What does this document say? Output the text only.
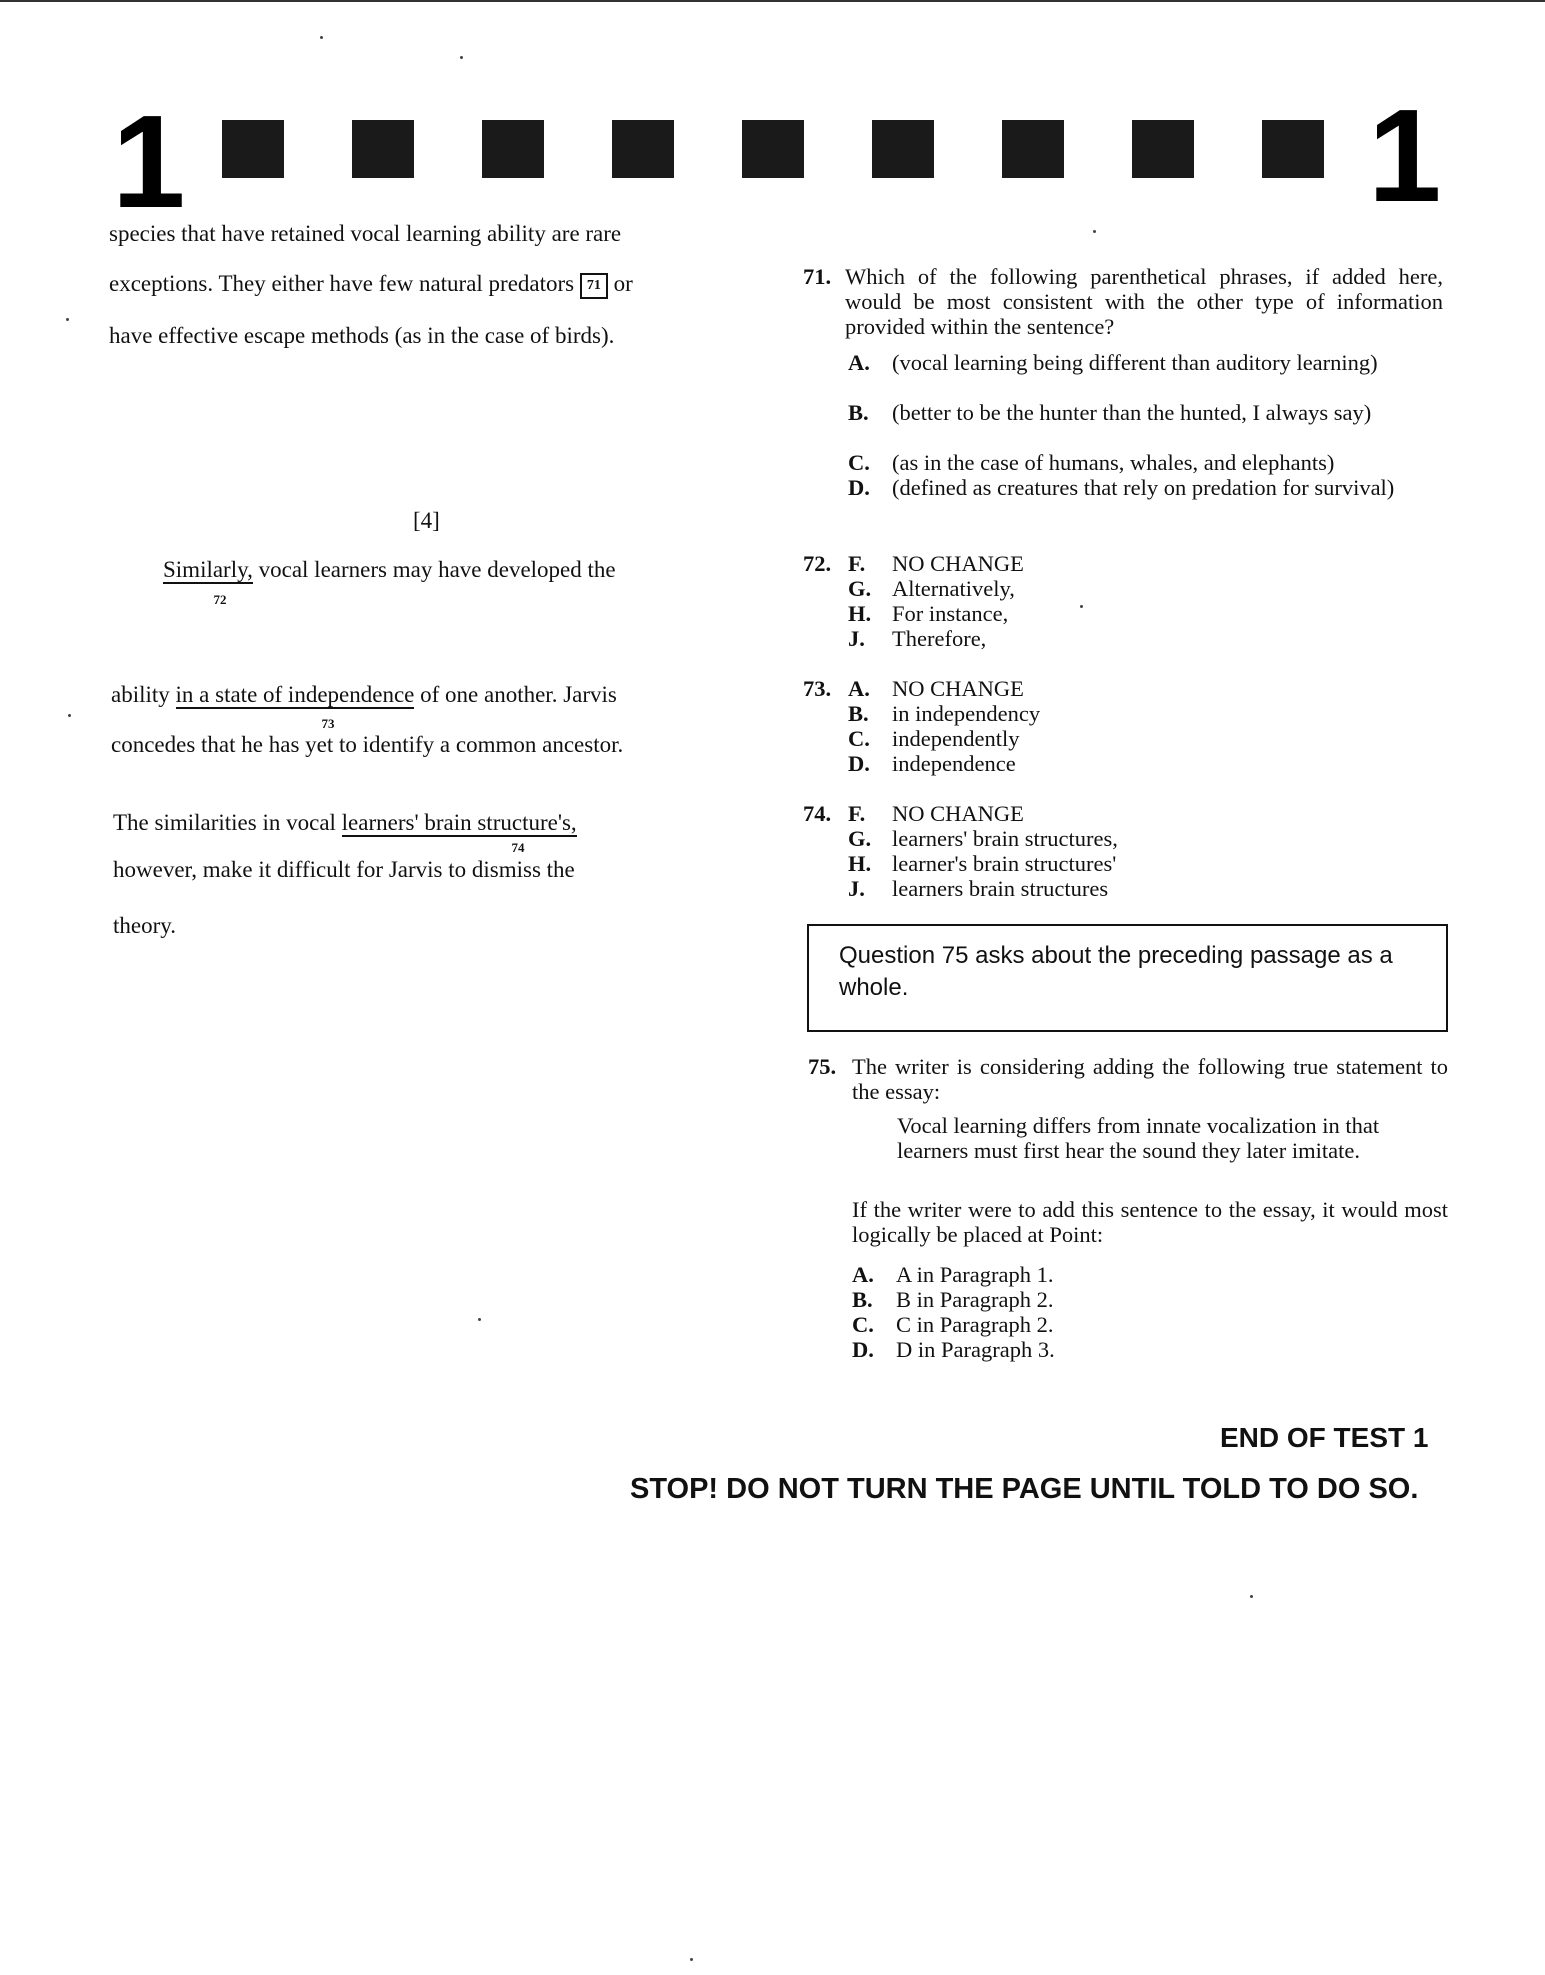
1	1
species that have retained vocal learning ability are rare
exceptions. They either have few natural predators 71 or
have effective escape methods (as in the case of birds).
[4]
Similarly, vocal learners may have developed the
72
ability in a state of independence of one another. Jarvis
73
concedes that he has yet to identify a common ancestor.
The similarities in vocal learners' brain structure's,
74
however, make it difficult for Jarvis to dismiss the
theory.
71. Which of the following parenthetical phrases, if added here, would be most consistent with the other type of information provided within the sentence?
A. (vocal learning being different than auditory learning)
B. (better to be the hunter than the hunted, I always say)
C. (as in the case of humans, whales, and elephants)
D. (defined as creatures that rely on predation for survival)
72. F. NO CHANGE
G. Alternatively,
H. For instance,
J. Therefore,
73. A. NO CHANGE
B. in independency
C. independently
D. independence
74. F. NO CHANGE
G. learners' brain structures,
H. learner's brain structures'
J. learners brain structures
Question 75 asks about the preceding passage as a whole.
75. The writer is considering adding the following true statement to the essay:
Vocal learning differs from innate vocalization in that learners must first hear the sound they later imitate.
If the writer were to add this sentence to the essay, it would most logically be placed at Point:
A. A in Paragraph 1.
B. B in Paragraph 2.
C. C in Paragraph 2.
D. D in Paragraph 3.
END OF TEST 1
STOP! DO NOT TURN THE PAGE UNTIL TOLD TO DO SO.
